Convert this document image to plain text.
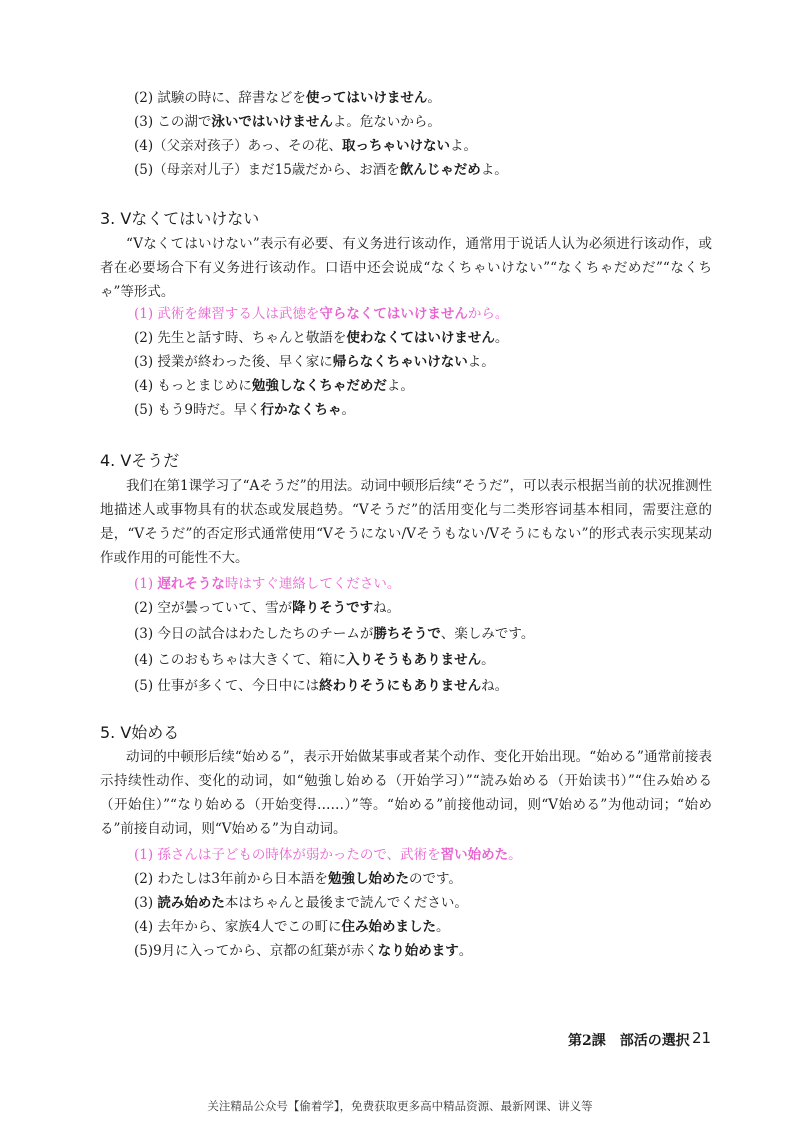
(2) 試験の時に、辞書などを使ってはいけません。
(3) この湖で泳いではいけませんよ。危ないから。
(4)（父亲对孩子）あっ、その花、取っちゃいけないよ。
(5)（母亲对儿子）まだ15歳だから、お酒を飲んじゃだめよ。
3. Vなくてはいけない
“Vなくてはいけない”表示有必要、有义务进行该动作，通常用于说话人认为必须进行该动作，或者在必要场合下有义务进行该动作。口语中还会说成“なくちゃいけない”“なくちゃだめだ”“なくちゃ”等形式。
(1) 武術を練習する人は武徳を守らなくてはいけませんから。
(2) 先生と話す時、ちゃんと敬語を使わなくてはいけません。
(3) 授業が終わった後、早く家に帰らなくちゃいけないよ。
(4) もっとまじめに勉強しなくちゃだめだよ。
(5) もう9時だ。早く行かなくちゃ。
4. Vそうだ
我们在第1课学习了“Aそうだ”的用法。动词中顿形后续“そうだ”，可以表示根据当前的状况推测性地描述人或事物具有的状态或发展趋势。“Vそうだ”的活用变化与二类形容词基本相同，需要注意的是，“Vそうだ”的否定形式通常使用“Vそうにない/Vそうもない/Vそうにもない”的形式表示实现某动作或作用的可能性不大。
(1) 遅れそうな時はすぐ連絡してください。
(2) 空が曇っていて、雪が降りそうですね。
(3) 今日の試合はわたしたちのチームが勝ちそうで、楽しみです。
(4) このおもちゃは大きくて、箱に入りそうもありません。
(5) 仕事が多くて、今日中には終わりそうにもありませんね。
5. V始める
动词的中顿形后续“始める”，表示开始做某事或者某个动作、变化开始出现。“始める”通常前接表示持续性动作、变化的动词，如“勉強し始める（开始学习）”“読み始める（开始读书）”“住み始める（开始住）”“なり始める（开始变得……）”等。“始める”前接他动词，则“V始める”为他动词；“始める”前接自动词，则“V始める”为自动词。
(1) 孫さんは子どもの時体が弱かったので、武術を習い始めた。
(2) わたしは3年前から日本語を勉強し始めたのです。
(3) 読み始めた本はちゃんと最後まで読んでください。
(4) 去年から、家族4人でこの町に住み始めました。
(5)9月に入ってから、京都の紅葉が赤くなり始めます。
第2課　部活の選択 21
关注精品公众号【偷着学】，免费获取更多高中精品资源、最新网课、讲义等
